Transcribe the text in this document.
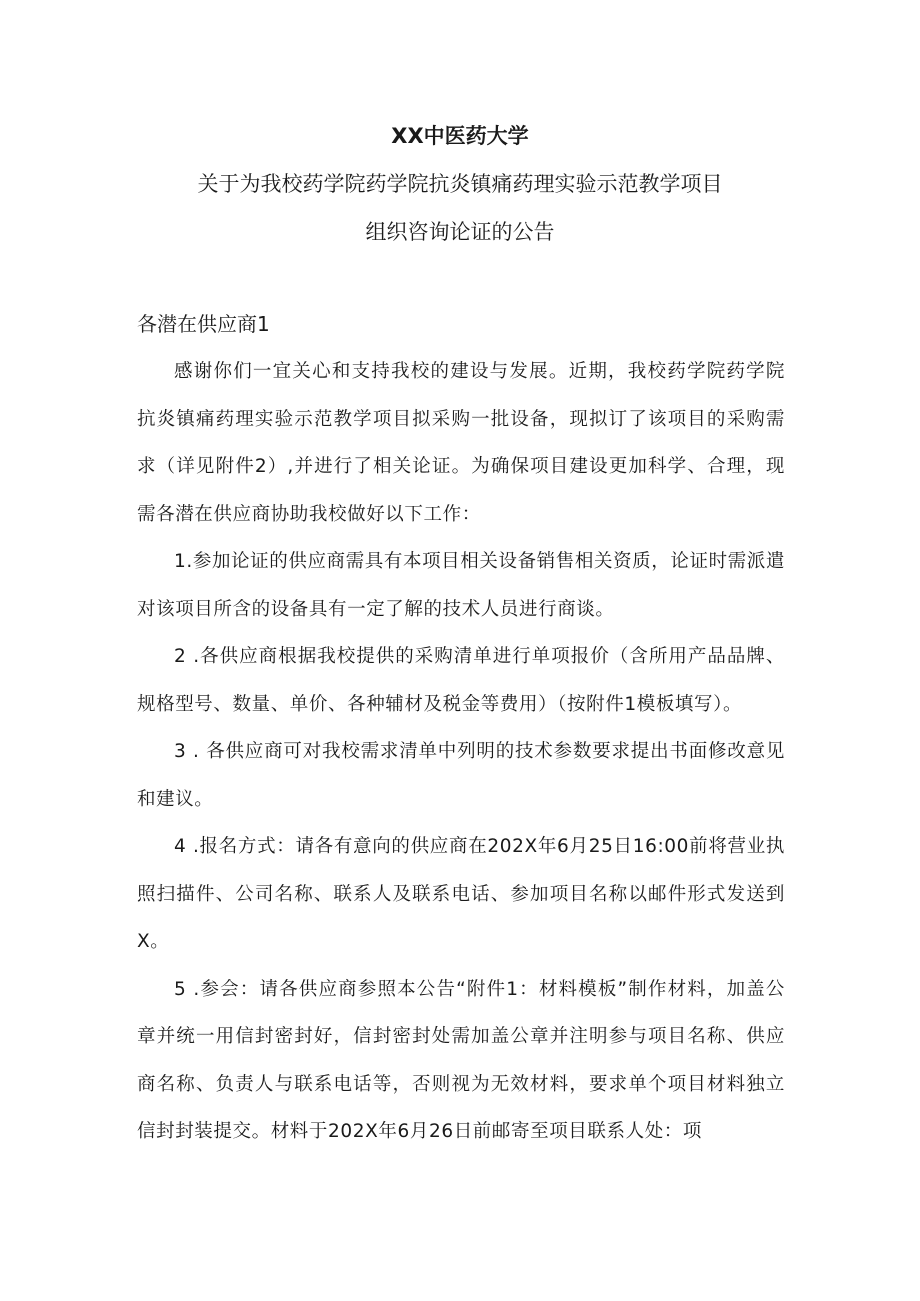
XX中医药大学
关于为我校药学院药学院抗炎镇痛药理实验示范教学项目
组织咨询论证的公告
各潜在供应商1

感谢你们一宜关心和支持我校的建设与发展。近期，我校药学院药学院抗炎镇痛药理实验示范教学项目拟采购一批设备，现拟订了该项目的采购需求（详见附件2）,并进行了相关论证。为确保项目建设更加科学、合理，现需各潜在供应商协助我校做好以下工作：

1.参加论证的供应商需具有本项目相关设备销售相关资质，论证时需派遣对该项目所含的设备具有一定了解的技术人员进行商谈。

2 .各供应商根据我校提供的采购清单进行单项报价（含所用产品品牌、规格型号、数量、单价、各种辅材及税金等费用）（按附件1模板填写）。

3 . 各供应商可对我校需求清单中列明的技术参数要求提出书面修改意见和建议。

4 .报名方式：请各有意向的供应商在202X年6月25日16:00前将营业执照扫描件、公司名称、联系人及联系电话、参加项目名称以邮件形式发送到X。

5 .参会：请各供应商参照本公告“附件1：材料模板”制作材料，加盖公章并统一用信封密封好，信封密封处需加盖公章并注明参与项目名称、供应商名称、负责人与联系电话等，否则视为无效材料，要求单个项目材料独立信封封装提交。材料于202X年6月26日前邮寄至项目联系人处：项
